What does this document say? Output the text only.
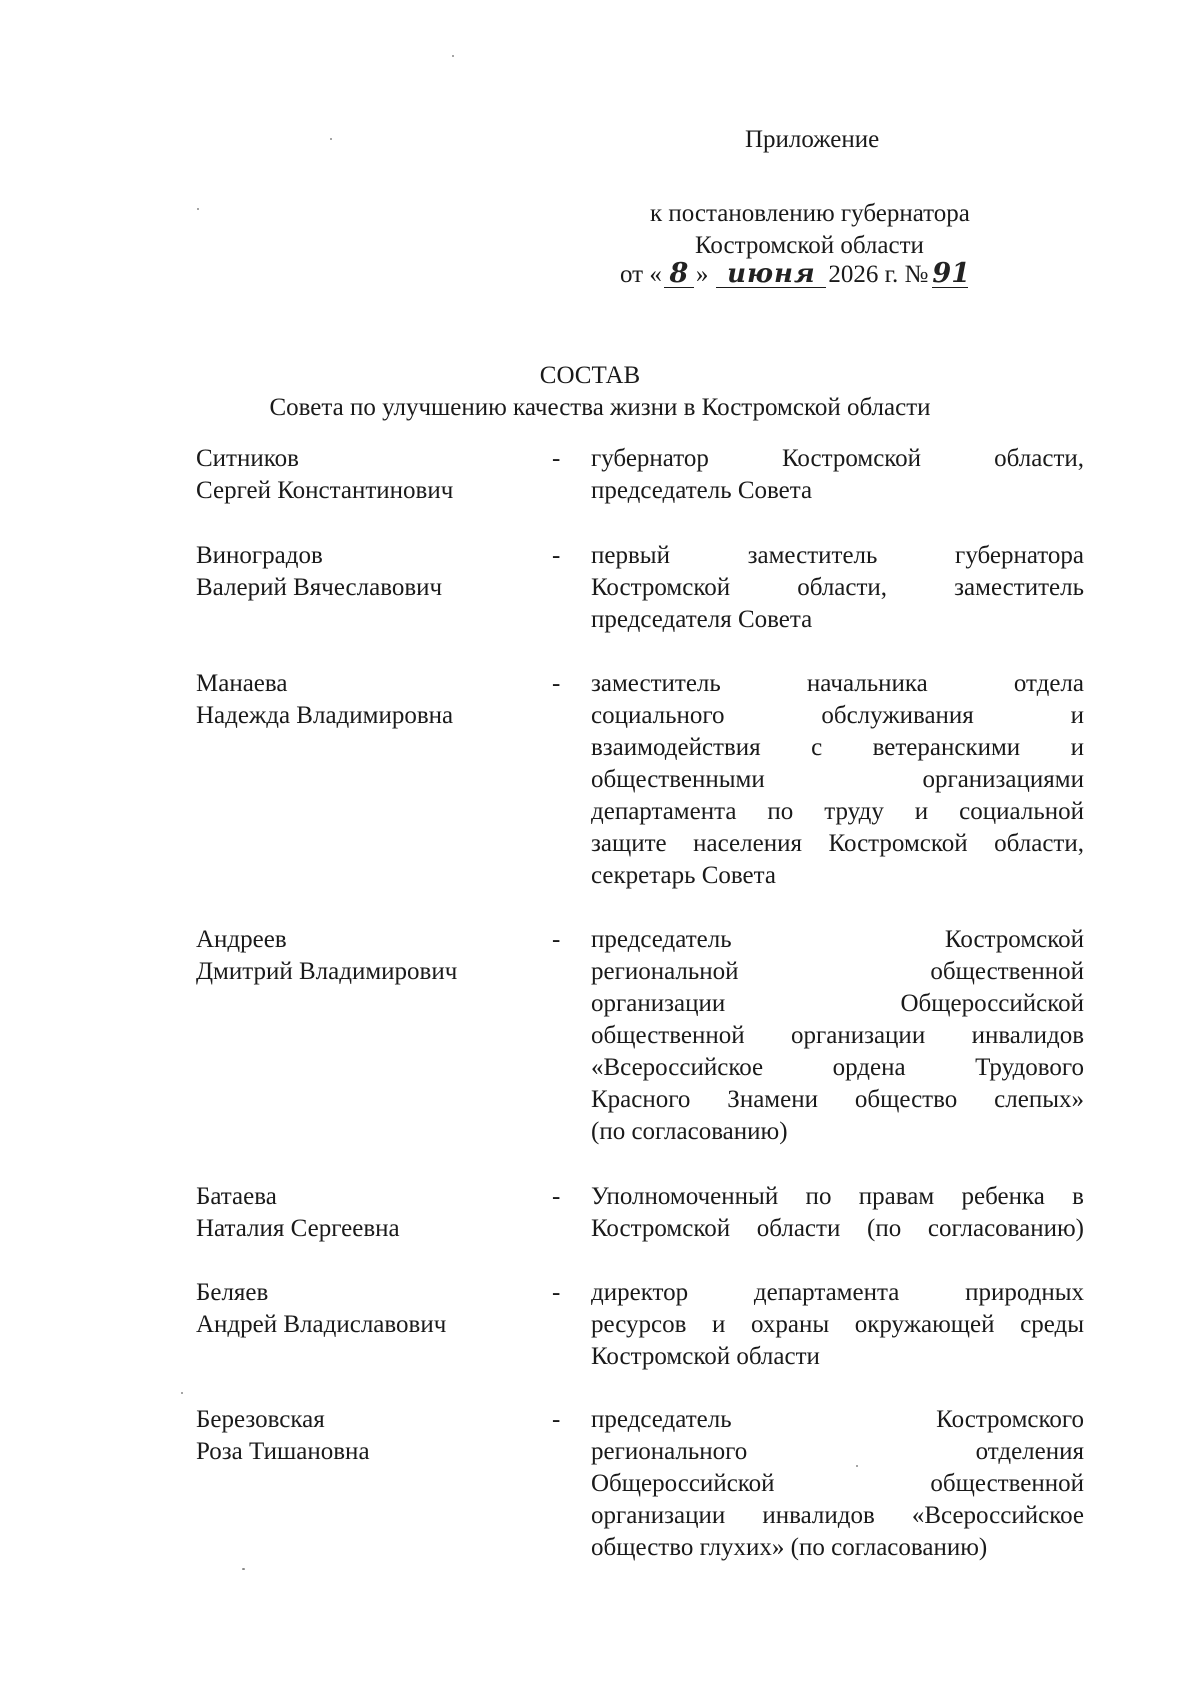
Приложение
к постановлению губернатора
Костромской области
от « 8 » июня 2026 г. № 91
СОСТАВ
Совета по улучшению качества жизни в Костромской области
Ситников
Сергей Константинович
- губернатор Костромской области,
председатель Совета
Виноградов
Валерий Вячеславович
- первый заместитель губернатора
Костромской области, заместитель
председателя Совета
Манаева
Надежда Владимировна
- заместитель начальника отдела
социального обслуживания и
взаимодействия с ветеранскими и
общественными организациями
департамента по труду и социальной
защите населения Костромской области,
секретарь Совета
Андреев
Дмитрий Владимирович
- председатель Костромской
региональной общественной
организации Общероссийской
общественной организации инвалидов
«Всероссийское ордена Трудового
Красного Знамени общество слепых»
(по согласованию)
Батаева
Наталия Сергеевна
- Уполномоченный по правам ребенка в
Костромской области (по согласованию)
Беляев
Андрей Владиславович
- директор департамента природных
ресурсов и охраны окружающей среды
Костромской области
Березовская
Роза Тишановна
- председатель Костромского
регионального отделения
Общероссийской общественной
организации инвалидов «Всероссийское
общество глухих» (по согласованию)
